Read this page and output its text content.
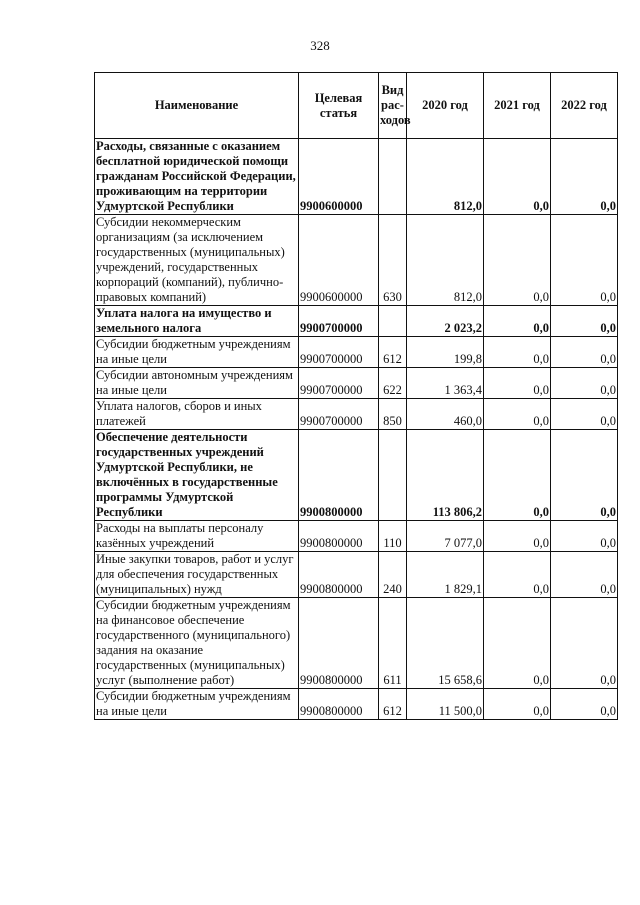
328
Наименование	Целевая статья	Вид рас-ходов	2020 год	2021 год	2022 год
Расходы, связанные с оказанием бесплатной юридической помощи гражданам Российской Федерации, проживающим на территории Удмуртской Республики	9900600000		812,0	0,0	0,0
Субсидии некоммерческим организациям (за исключением государственных (муниципальных) учреждений, государственных корпораций (компаний), публично-правовых компаний)	9900600000	630	812,0	0,0	0,0
Уплата налога на имущество и земельного налога	9900700000		2 023,2	0,0	0,0
Субсидии бюджетным учреждениям на иные цели	9900700000	612	199,8	0,0	0,0
Субсидии автономным учреждениям на иные цели	9900700000	622	1 363,4	0,0	0,0
Уплата налогов, сборов и иных платежей	9900700000	850	460,0	0,0	0,0
Обеспечение деятельности государственных учреждений Удмуртской Республики, не включённых в государственные программы Удмуртской Республики	9900800000		113 806,2	0,0	0,0
Расходы на выплаты персоналу казённых учреждений	9900800000	110	7 077,0	0,0	0,0
Иные закупки товаров, работ и услуг для обеспечения государственных (муниципальных) нужд	9900800000	240	1 829,1	0,0	0,0
Субсидии бюджетным учреждениям на финансовое обеспечение государственного (муниципального) задания на оказание государственных (муниципальных) услуг (выполнение работ)	9900800000	611	15 658,6	0,0	0,0
Субсидии бюджетным учреждениям на иные цели	9900800000	612	11 500,0	0,0	0,0
